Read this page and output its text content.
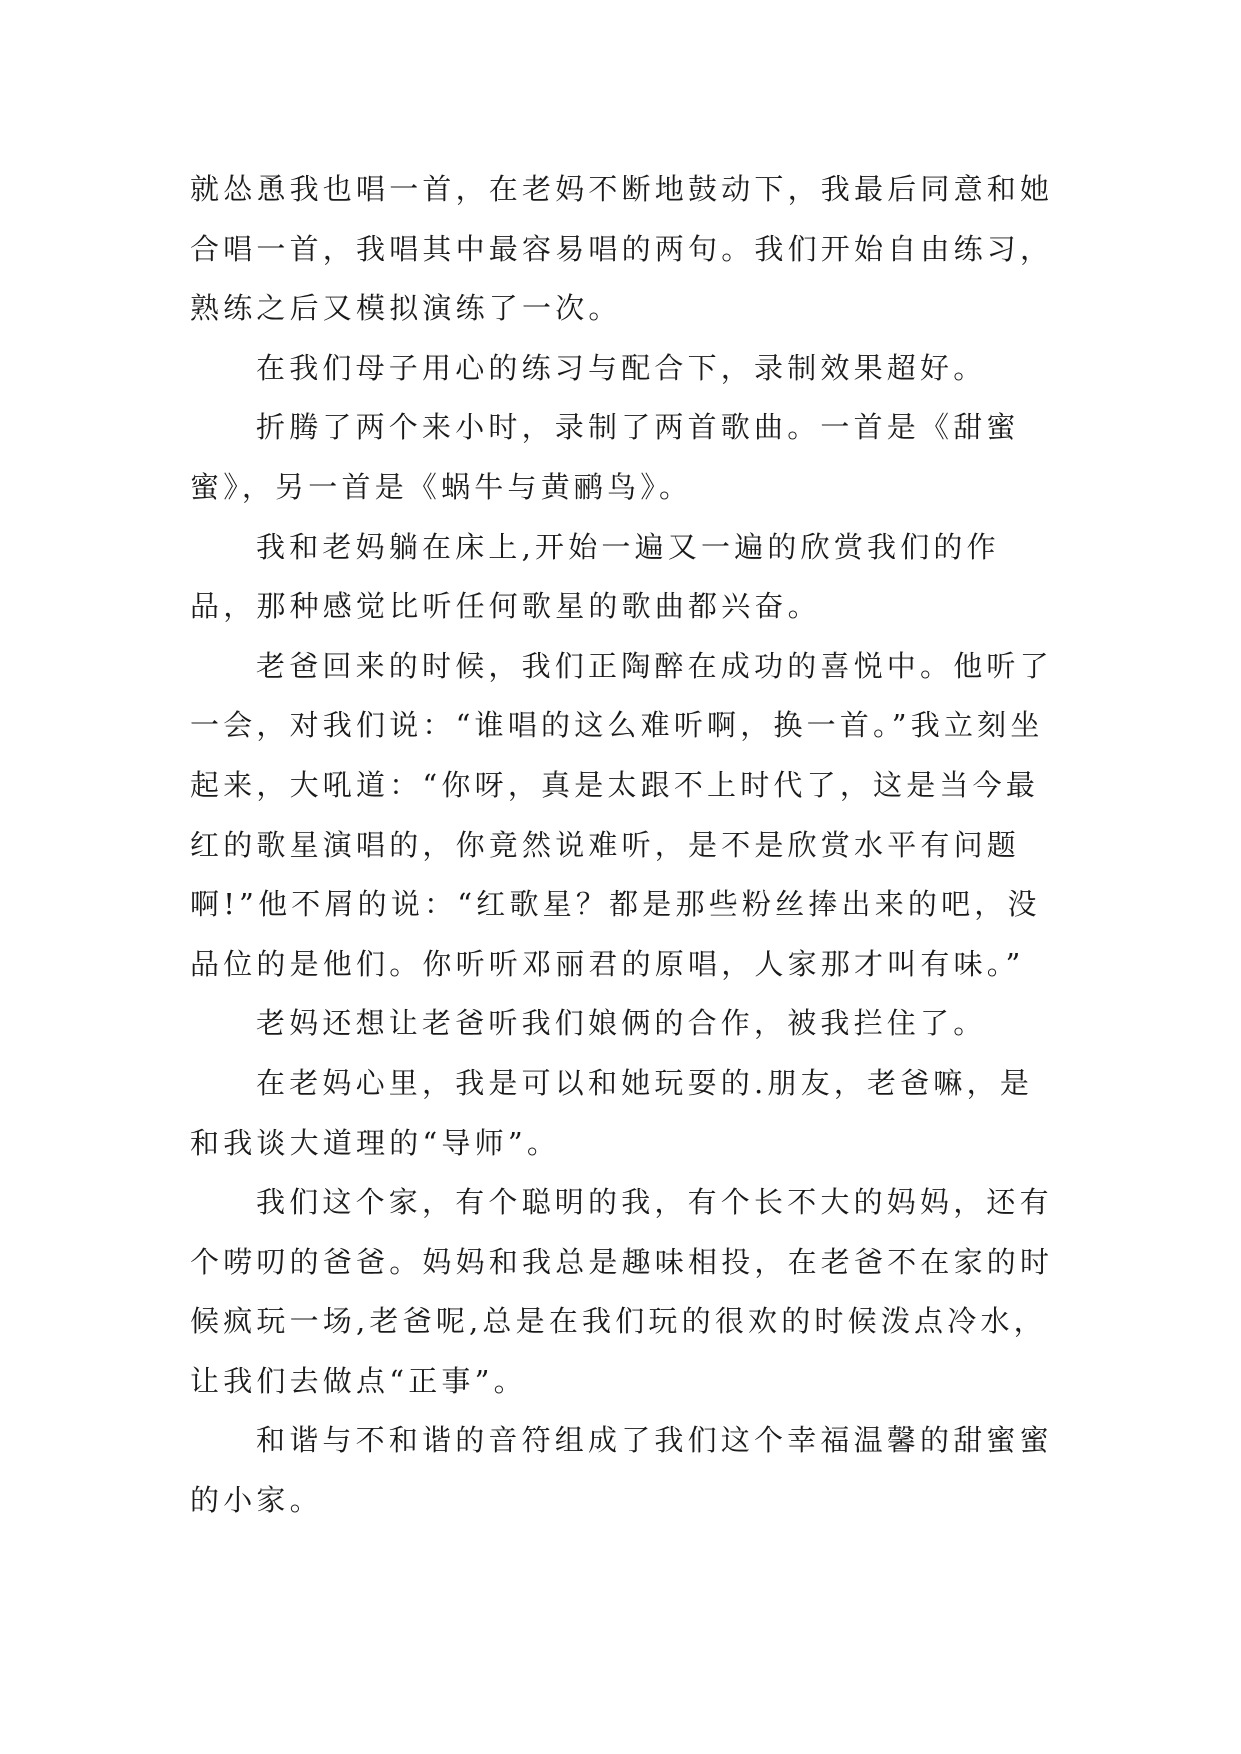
就怂恿我也唱一首，在老妈不断地鼓动下，我最后同意和她合唱一首，我唱其中最容易唱的两句。我们开始自由练习，熟练之后又模拟演练了一次。

在我们母子用心的练习与配合下，录制效果超好。

折腾了两个来小时，录制了两首歌曲。一首是《甜蜜蜜》，另一首是《蜗牛与黄鹂鸟》。

我和老妈躺在床上,开始一遍又一遍的欣赏我们的作品，那种感觉比听任何歌星的歌曲都兴奋。

老爸回来的时候，我们正陶醉在成功的喜悦中。他听了一会，对我们说：“谁唱的这么难听啊，换一首。”我立刻坐起来，大吼道：“你呀，真是太跟不上时代了，这是当今最红的歌星演唱的，你竟然说难听，是不是欣赏水平有问题啊!”他不屑的说：“红歌星？都是那些粉丝捧出来的吧，没品位的是他们。你听听邓丽君的原唱，人家那才叫有味。”

老妈还想让老爸听我们娘俩的合作，被我拦住了。

在老妈心里，我是可以和她玩耍的.朋友，老爸嘛，是和我谈大道理的“导师”。

我们这个家，有个聪明的我，有个长不大的妈妈，还有个唠叨的爸爸。妈妈和我总是趣味相投，在老爸不在家的时候疯玩一场,老爸呢,总是在我们玩的很欢的时候泼点冷水，让我们去做点“正事”。

和谐与不和谐的音符组成了我们这个幸福温馨的甜蜜蜜的小家。
